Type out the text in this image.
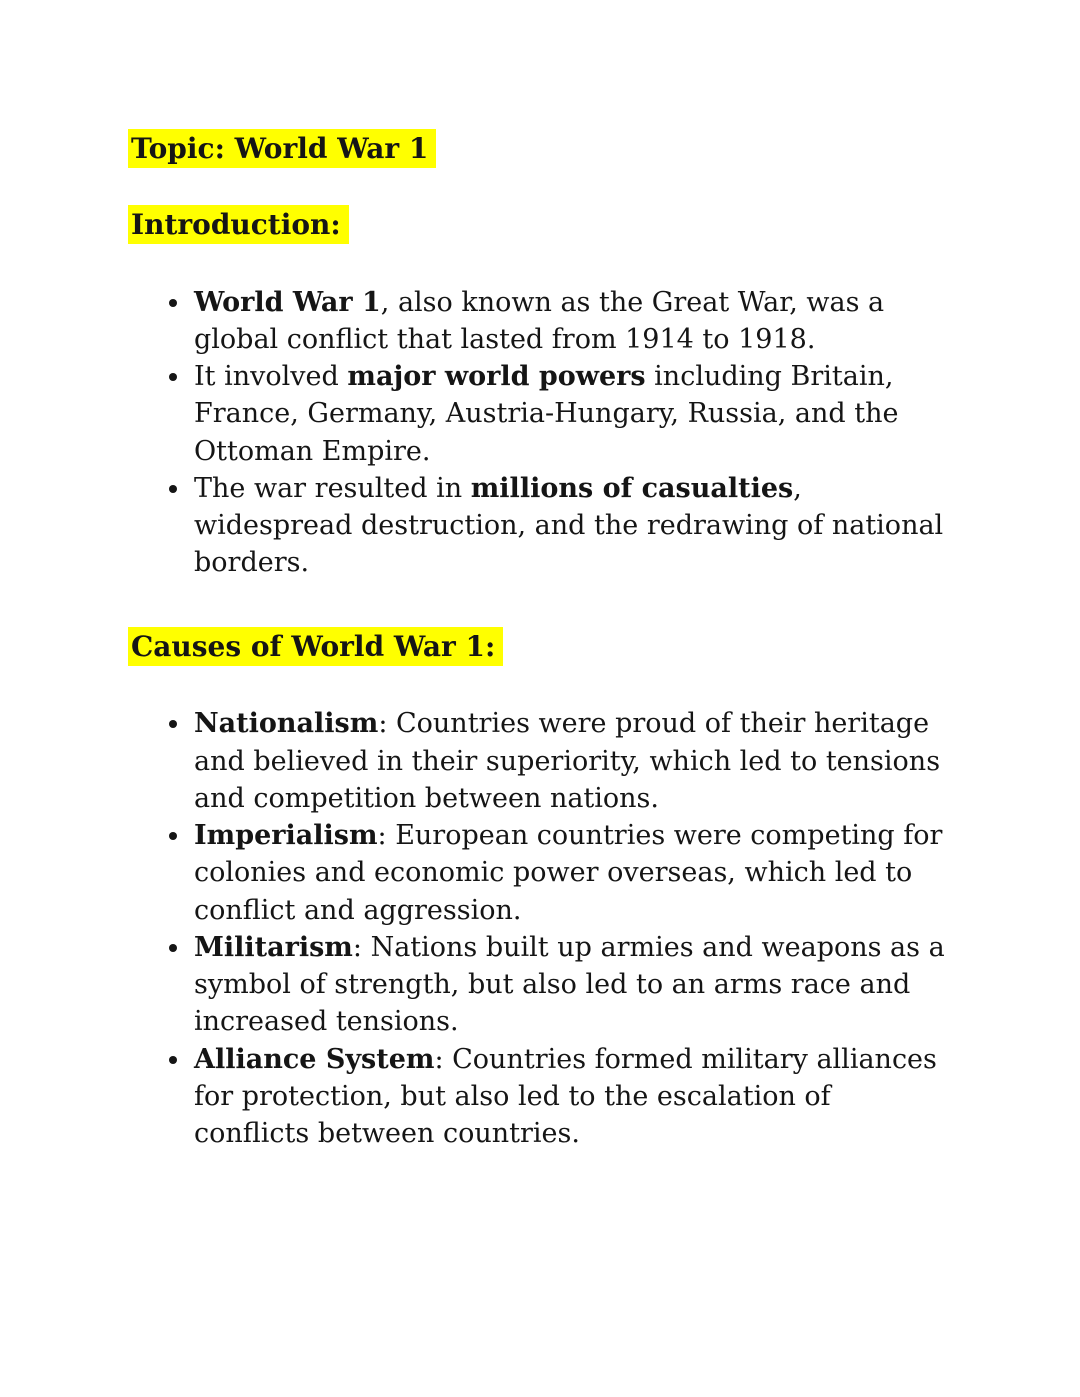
Topic: World War 1
Introduction:
• World War 1, also known as the Great War, was a global conflict that lasted from 1914 to 1918.
• It involved major world powers including Britain, France, Germany, Austria-Hungary, Russia, and the Ottoman Empire.
• The war resulted in millions of casualties, widespread destruction, and the redrawing of national borders.
Causes of World War 1:
• Nationalism: Countries were proud of their heritage and believed in their superiority, which led to tensions and competition between nations.
• Imperialism: European countries were competing for colonies and economic power overseas, which led to conflict and aggression.
• Militarism: Nations built up armies and weapons as a symbol of strength, but also led to an arms race and increased tensions.
• Alliance System: Countries formed military alliances for protection, but also led to the escalation of conflicts between countries.
